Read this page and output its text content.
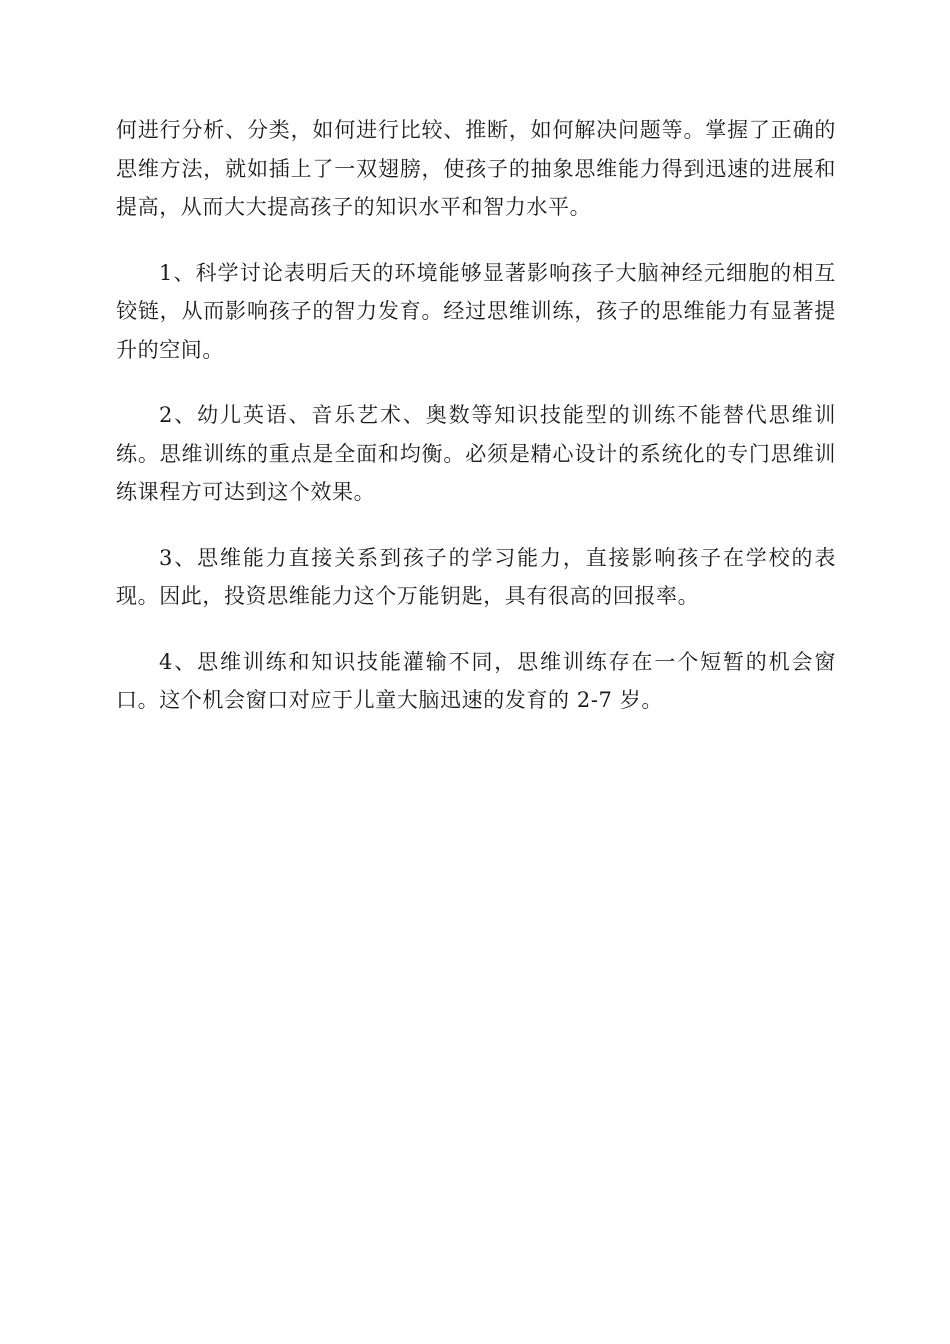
何进行分析、分类，如何进行比较、推断，如何解决问题等。掌握了正确的思维方法，就如插上了一双翅膀，使孩子的抽象思维能力得到迅速的进展和提高，从而大大提高孩子的知识水平和智力水平。

1、科学讨论表明后天的环境能够显著影响孩子大脑神经元细胞的相互铰链，从而影响孩子的智力发育。经过思维训练，孩子的思维能力有显著提升的空间。

2、幼儿英语、音乐艺术、奥数等知识技能型的训练不能替代思维训练。思维训练的重点是全面和均衡。必须是精心设计的系统化的专门思维训练课程方可达到这个效果。

3、思维能力直接关系到孩子的学习能力，直接影响孩子在学校的表现。因此，投资思维能力这个万能钥匙，具有很高的回报率。

4、思维训练和知识技能灌输不同，思维训练存在一个短暂的机会窗口。这个机会窗口对应于儿童大脑迅速的发育的 2-7 岁。
